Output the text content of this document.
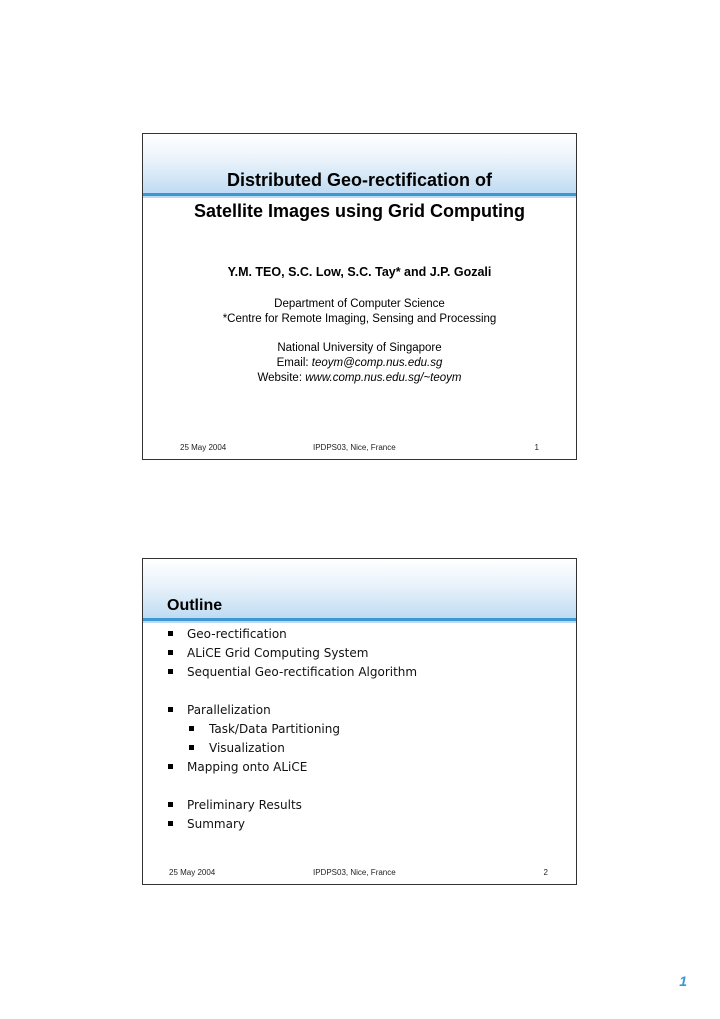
Distributed Geo-rectification of
Satellite Images using Grid Computing
Y.M. TEO, S.C. Low, S.C. Tay* and J.P. Gozali
Department of Computer Science
*Centre for Remote Imaging, Sensing and Processing
National University of Singapore
Email: teoym@comp.nus.edu.sg
Website: www.comp.nus.edu.sg/~teoym
25 May 2004	IPDPS03, Nice, France	1
Outline
Geo-rectification
ALiCE Grid Computing System
Sequential Geo-rectification Algorithm
Parallelization
Task/Data Partitioning
Visualization
Mapping onto ALiCE
Preliminary Results
Summary
25 May 2004	IPDPS03, Nice, France	2
1
